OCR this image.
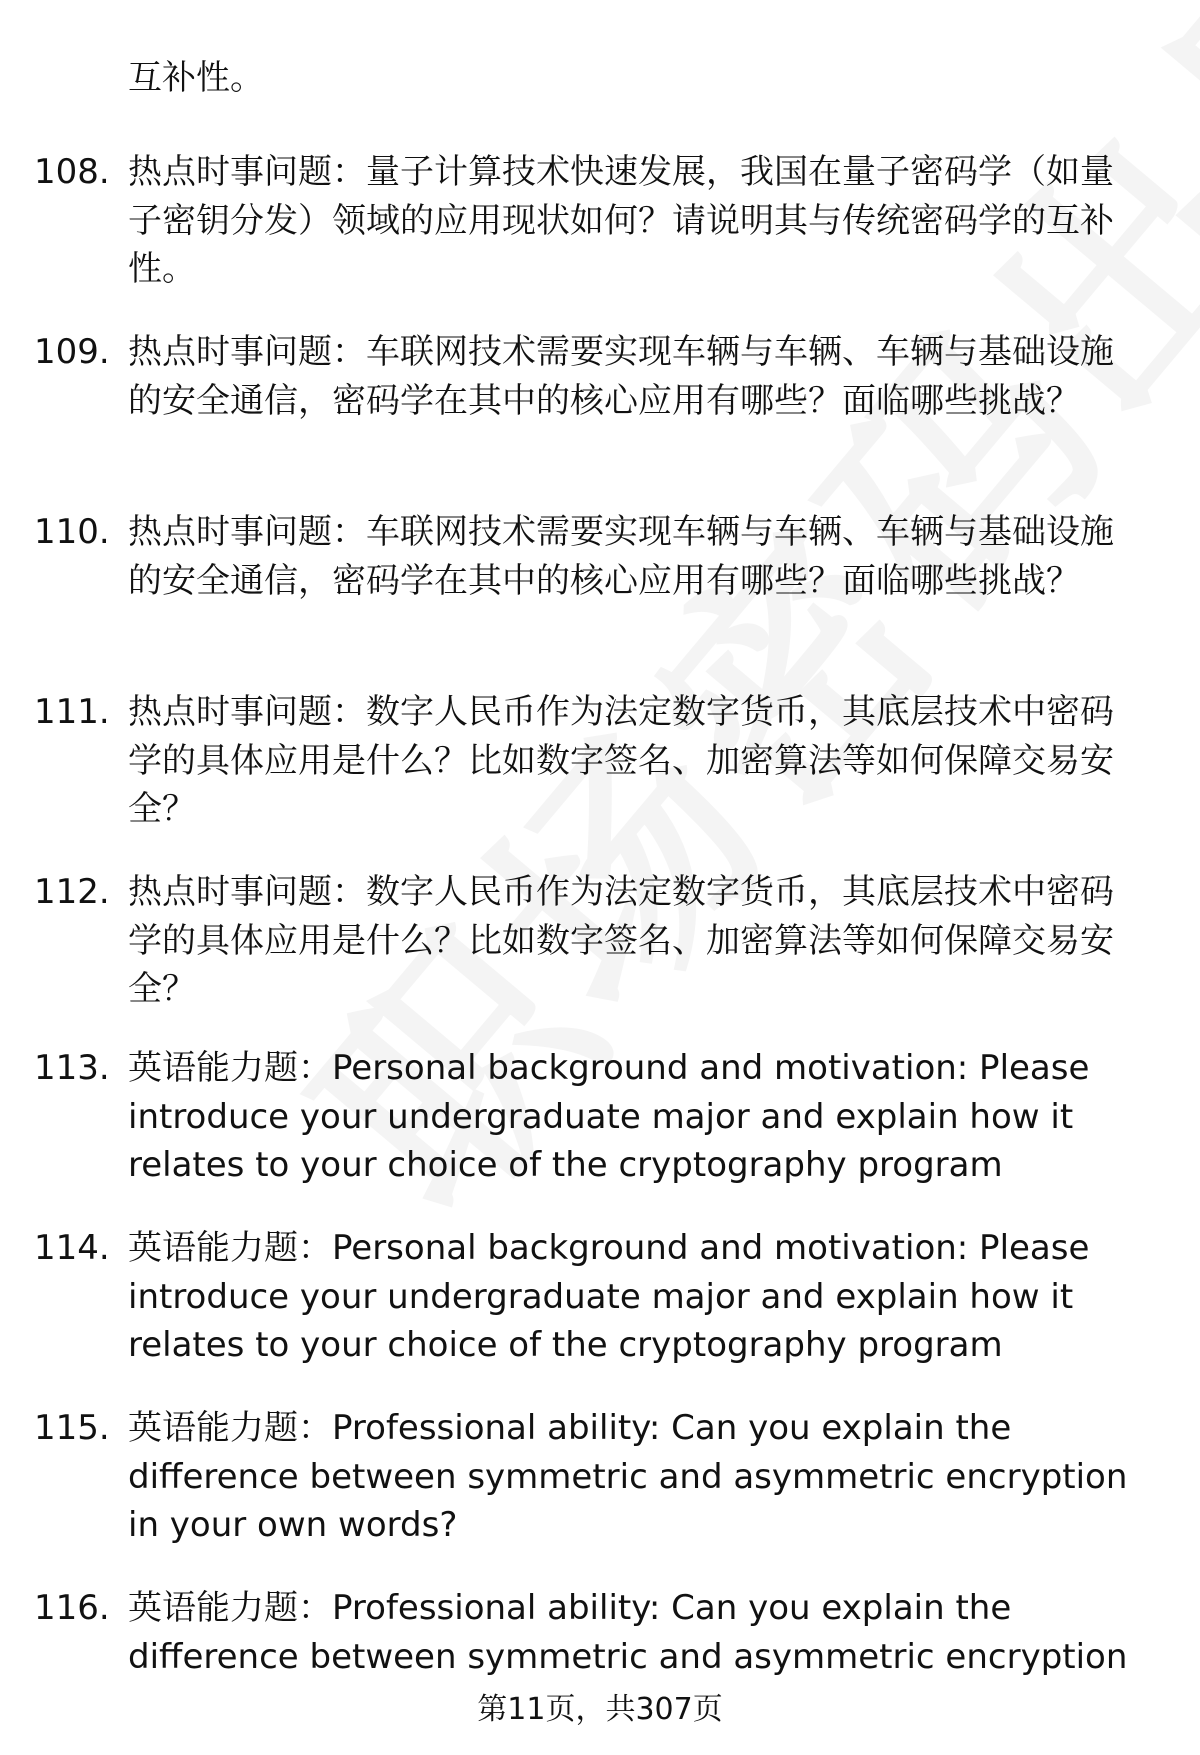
互补性。
108. 热点时事问题：量子计算技术快速发展，我国在量子密码学（如量子密钥分发）领域的应用现状如何？请说明其与传统密码学的互补性。
109. 热点时事问题：车联网技术需要实现车辆与车辆、车辆与基础设施的安全通信，密码学在其中的核心应用有哪些？面临哪些挑战？
110. 热点时事问题：车联网技术需要实现车辆与车辆、车辆与基础设施的安全通信，密码学在其中的核心应用有哪些？面临哪些挑战？
111. 热点时事问题：数字人民币作为法定数字货币，其底层技术中密码学的具体应用是什么？比如数字签名、加密算法等如何保障交易安全？
112. 热点时事问题：数字人民币作为法定数字货币，其底层技术中密码学的具体应用是什么？比如数字签名、加密算法等如何保障交易安全？
113. 英语能力题：Personal background and motivation: Please introduce your undergraduate major and explain how it relates to your choice of the cryptography program
114. 英语能力题：Personal background and motivation: Please introduce your undergraduate major and explain how it relates to your choice of the cryptography program
115. 英语能力题：Professional ability: Can you explain the difference between symmetric and asymmetric encryption in your own words?
116. 英语能力题：Professional ability: Can you explain the difference between symmetric and asymmetric encryption
第11页，共307页
